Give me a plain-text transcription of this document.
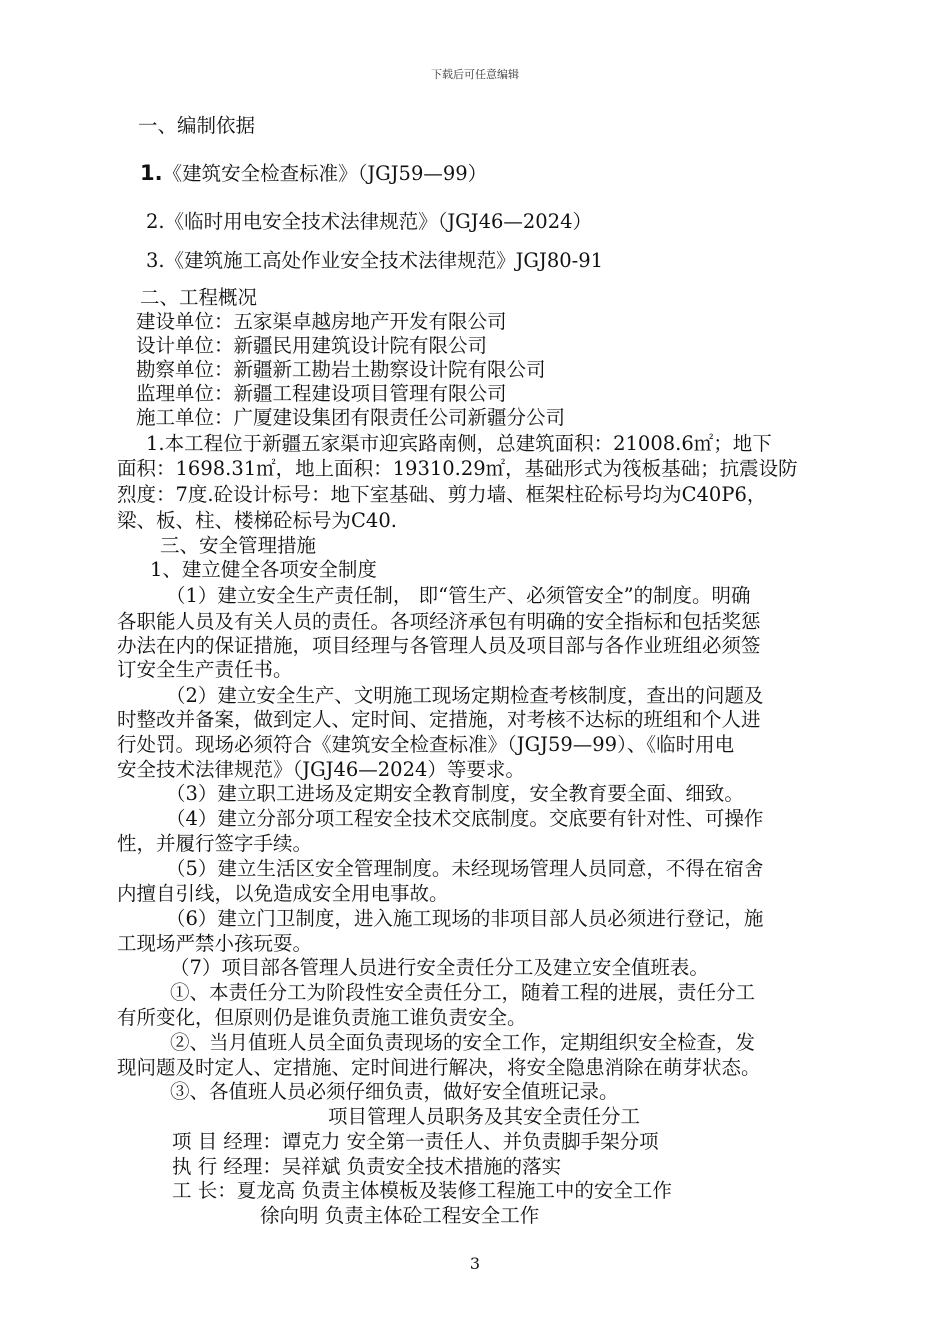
下载后可任意编辑
一、编制依据
1.《建筑安全检查标准》（JGJ59—99）
2.《临时用电安全技术法律规范》（JGJ46—2024）
3.《建筑施工高处作业安全技术法律规范》JGJ80-91
二、工程概况
建设单位：五家渠卓越房地产开发有限公司
设计单位：新疆民用建筑设计院有限公司
勘察单位：新疆新工勘岩土勘察设计院有限公司
监理单位：新疆工程建设项目管理有限公司
施工单位：广厦建设集团有限责任公司新疆分公司
1.本工程位于新疆五家渠市迎宾路南侧，总建筑面积：21008.6㎡；地下
面积：1698.31㎡，地上面积：19310.29㎡，基础形式为筏板基础；抗震设防
烈度：7度.砼设计标号：地下室基础、剪力墙、框架柱砼标号均为C40P6，
梁、板、柱、楼梯砼标号为C40.
三、安全管理措施
1、建立健全各项安全制度
（1）建立安全生产责任制， 即“管生产、必须管安全”的制度。明确
各职能人员及有关人员的责任。各项经济承包有明确的安全指标和包括奖惩
办法在内的保证措施，项目经理与各管理人员及项目部与各作业班组必须签
订安全生产责任书。
（2）建立安全生产、文明施工现场定期检查考核制度，查出的问题及
时整改并备案，做到定人、定时间、定措施，对考核不达标的班组和个人进
行处罚。现场必须符合《建筑安全检查标准》（JGJ59—99）、《临时用电
安全技术法律规范》（JGJ46—2024）等要求。
（3）建立职工进场及定期安全教育制度，安全教育要全面、细致。
（4）建立分部分项工程安全技术交底制度。交底要有针对性、可操作
性，并履行签字手续。
（5）建立生活区安全管理制度。未经现场管理人员同意，不得在宿舍
内擅自引线，以免造成安全用电事故。
（6）建立门卫制度，进入施工现场的非项目部人员必须进行登记，施
工现场严禁小孩玩耍。
（7）项目部各管理人员进行安全责任分工及建立安全值班表。
①、本责任分工为阶段性安全责任分工，随着工程的进展，责任分工
有所变化，但原则仍是谁负责施工谁负责安全。
②、当月值班人员全面负责现场的安全工作，定期组织安全检查，发
现问题及时定人、定措施、定时间进行解决，将安全隐患消除在萌芽状态。
③、各值班人员必须仔细负责，做好安全值班记录。
项目管理人员职务及其安全责任分工
项 目 经理：谭克力 安全第一责任人、并负责脚手架分项
执 行 经理：吴祥斌 负责安全技术措施的落实
工 长：夏龙高 负责主体模板及装修工程施工中的安全工作
徐向明 负责主体砼工程安全工作
3
